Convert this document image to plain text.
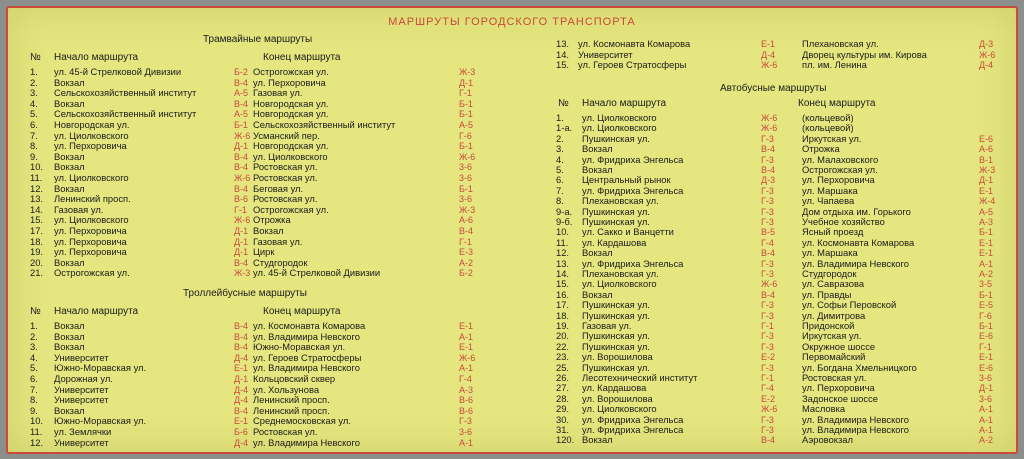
МАРШРУТЫ ГОРОДСКОГО ТРАНСПОРТА
Трамвайные маршруты
№ Начало маршрута	Конец маршрута
1. ул. 45-й Стрелковой Дивизии	Б-2 Острогожская ул.	Ж-3
2. Вокзал	В-4 ул. Перхоровича	Д-1
3. Сельскохозяйственный институт	А-5 Газовая ул.	Г-1
4. Вокзал	В-4 Новгородская ул.	Б-1
5. Сельскохозяйственный институт	А-5 Новгородская ул.	Б-1
6. Новгородская ул.	Б-1 Сельскохозяйственный институт	А-5
7. ул. Циолковского	Ж-6 Усманский пер.	Г-6
8. ул. Перхоровича	Д-1 Новгородская ул.	Б-1
9. Вокзал	В-4 ул. Циолковского	Ж-6
10. Вокзал	В-4 Ростовская ул.	3-6
11. ул. Циолковского	Ж-6 Ростовская ул.	3-6
12. Вокзал	В-4 Беговая ул.	Б-1
13. Ленинский просп.	В-6 Ростовская ул.	3-6
14. Газовая ул.	Г-1 Острогожская ул.	Ж-3
15. ул. Циолковского	Ж-6 Отрожка	А-6
17. ул. Перхоровича	Д-1 Вокзал	В-4
18. ул. Перхоровича	Д-1 Газовая ул.	Г-1
19. ул. Перхоровича	Д-1 Цирк	Е-3
20. Вокзал	В-4 Студгородок	А-2
21. Острогожская ул.	Ж-3 ул. 45-й Стрелковой Дивизии	Б-2
Троллейбусные маршруты
№ Начало маршрута	Конец маршрута
1. Вокзал	В-4 ул. Космонавта Комарова	Е-1
2. Вокзал	В-4 ул. Владимира Невского	А-1
3. Вокзал	В-4 Южно-Моравская ул.	Е-1
4. Университет	Д-4 ул. Героев Стратосферы	Ж-6
5. Южно-Моравская ул.	Е-1 ул. Владимира Невского	А-1
6. Дорожная ул.	Д-1 Кольцовский сквер	Г-4
7. Университет	Д-4 ул. Хользунова	А-3
8. Университет	Д-4 Ленинский просп.	В-6
9. Вокзал	В-4 Ленинский просп.	В-6
10. Южно-Моравская ул.	Е-1 Среднемосковская ул.	Г-3
11. ул. Землячки	Б-6 Ростовская ул.	3-6
12. Университет	Д-4 ул. Владимира Невского	А-1
13. ул. Космонавта Комарова	Е-1	Плехановская ул.	Д-3
14. Университет	Д-4	Дворец культуры им. Кирова	Ж-6
15. ул. Героев Стратосферы	Ж-6	пл. им. Ленина	Д-4
Автобусные маршруты
№ Начало маршрута	Конец маршрута
1. ул. Циолковского	Ж-6	(кольцевой)
1-а. ул. Циолковского	Ж-6	(кольцевой)
2. Пушкинская ул.	Г-3	Иркутская ул.	Е-6
3. Вокзал	В-4	Отрожка	А-6
4. ул. Фридриха Энгельса	Г-3	ул. Малаховского	В-1
5. Вокзал	В-4	Острогожская ул.	Ж-3
6. Центральный рынок	Д-3	ул. Перхоровича	Д-1
7. ул. Фридриха Энгельса	Г-3	ул. Маршака	Е-1
8. Плехановская ул.	Г-3	ул. Чапаева	Ж-4
9-а. Пушкинская ул.	Г-3	Дом отдыха им. Горького	А-5
9-б. Пушкинская ул.	Г-3	Учебное хозяйство	А-3
10. ул. Сакко и Ванцетти	В-5	Ясный проезд	Б-1
11. ул. Кардашова	Г-4	ул. Космонавта Комарова	Е-1
12. Вокзал	В-4	ул. Маршака	Е-1
13. ул. Фридриха Энгельса	Г-3	ул. Владимира Невского	А-1
14. Плехановская ул.	Г-3	Студгородок	А-2
15. ул. Циолковского	Ж-6	ул. Савразова	3-5
16. Вокзал	В-4	ул. Правды	Б-1
17. Пушкинская ул.	Г-3	ул. Софьи Перовской	Е-5
18. Пушкинская ул.	Г-3	ул. Димитрова	Г-6
19. Газовая ул.	Г-1	Придонской	Б-1
20. Пушкинская ул.	Г-3	Иркутская ул.	Е-6
22. Пушкинская ул.	Г-3	Окружное шоссе	Г-1
23. ул. Ворошилова	Е-2	Первомайский	Е-1
25. Пушкинская ул.	Г-3	ул. Богдана Хмельницкого	Е-6
26. Лесотехнический институт	Г-1	Ростовская ул.	3-6
27. ул. Кардашова	Г-4	ул. Перхоровича	Д-1
28. ул. Ворошилова	Е-2	Задонское шоссе	3-6
29. ул. Циолковского	Ж-6	Масловка	А-1
30. ул. Фридриха Энгельса	Г-3	ул. Владимира Невского	А-1
31. ул. Фридриха Энгельса	Г-3	ул. Владимира Невского	А-1
120. Вокзал	В-4	Аэровокзал	А-2
